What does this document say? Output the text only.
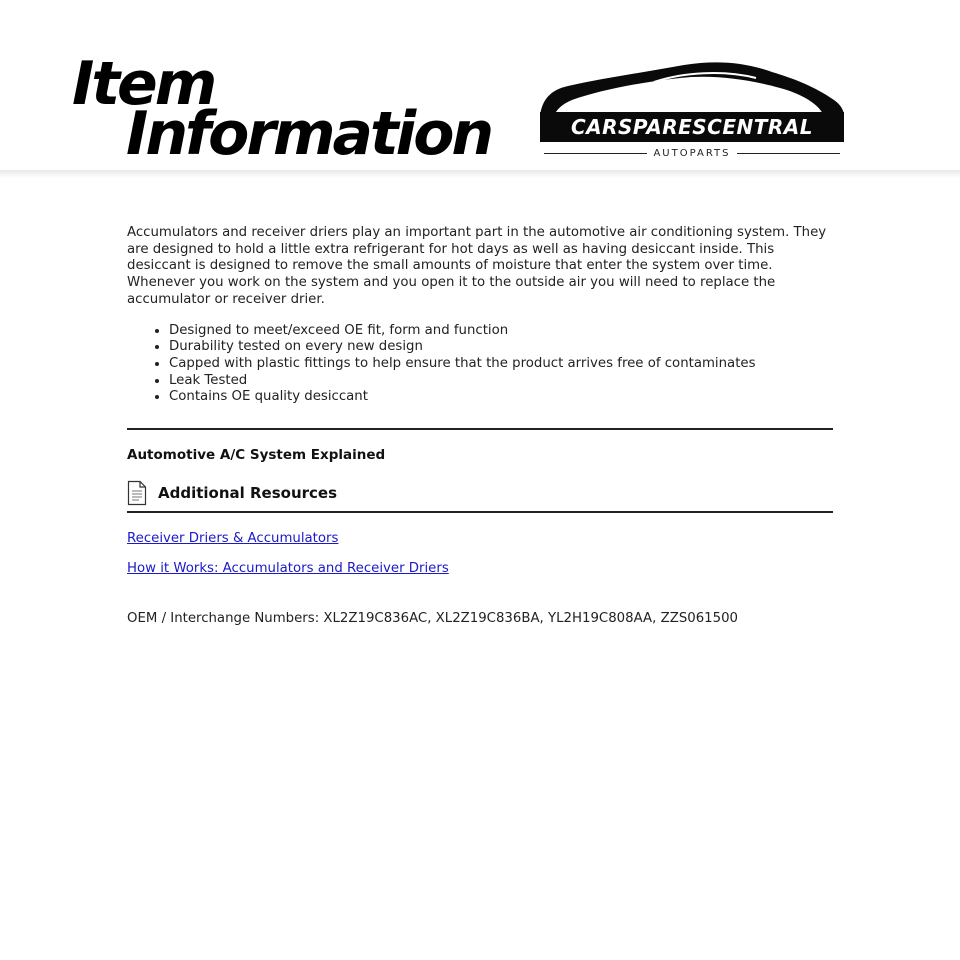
Item
Information	CARSPARESCENTRAL
AUTOPARTS

Accumulators and receiver driers play an important part in the automotive air conditioning system. They are designed to hold a little extra refrigerant for hot days as well as having desiccant inside. This desiccant is designed to remove the small amounts of moisture that enter the system over time. Whenever you work on the system and you open it to the outside air you will need to replace the accumulator or receiver drier.

• Designed to meet/exceed OE fit, form and function
• Durability tested on every new design
• Capped with plastic fittings to help ensure that the product arrives free of contaminates
• Leak Tested
• Contains OE quality desiccant
Automotive A/C System Explained
Additional Resources
Receiver Driers & Accumulators
How it Works: Accumulators and Receiver Driers
OEM / Interchange Numbers: XL2Z19C836AC, XL2Z19C836BA, YL2H19C808AA, ZZS061500
